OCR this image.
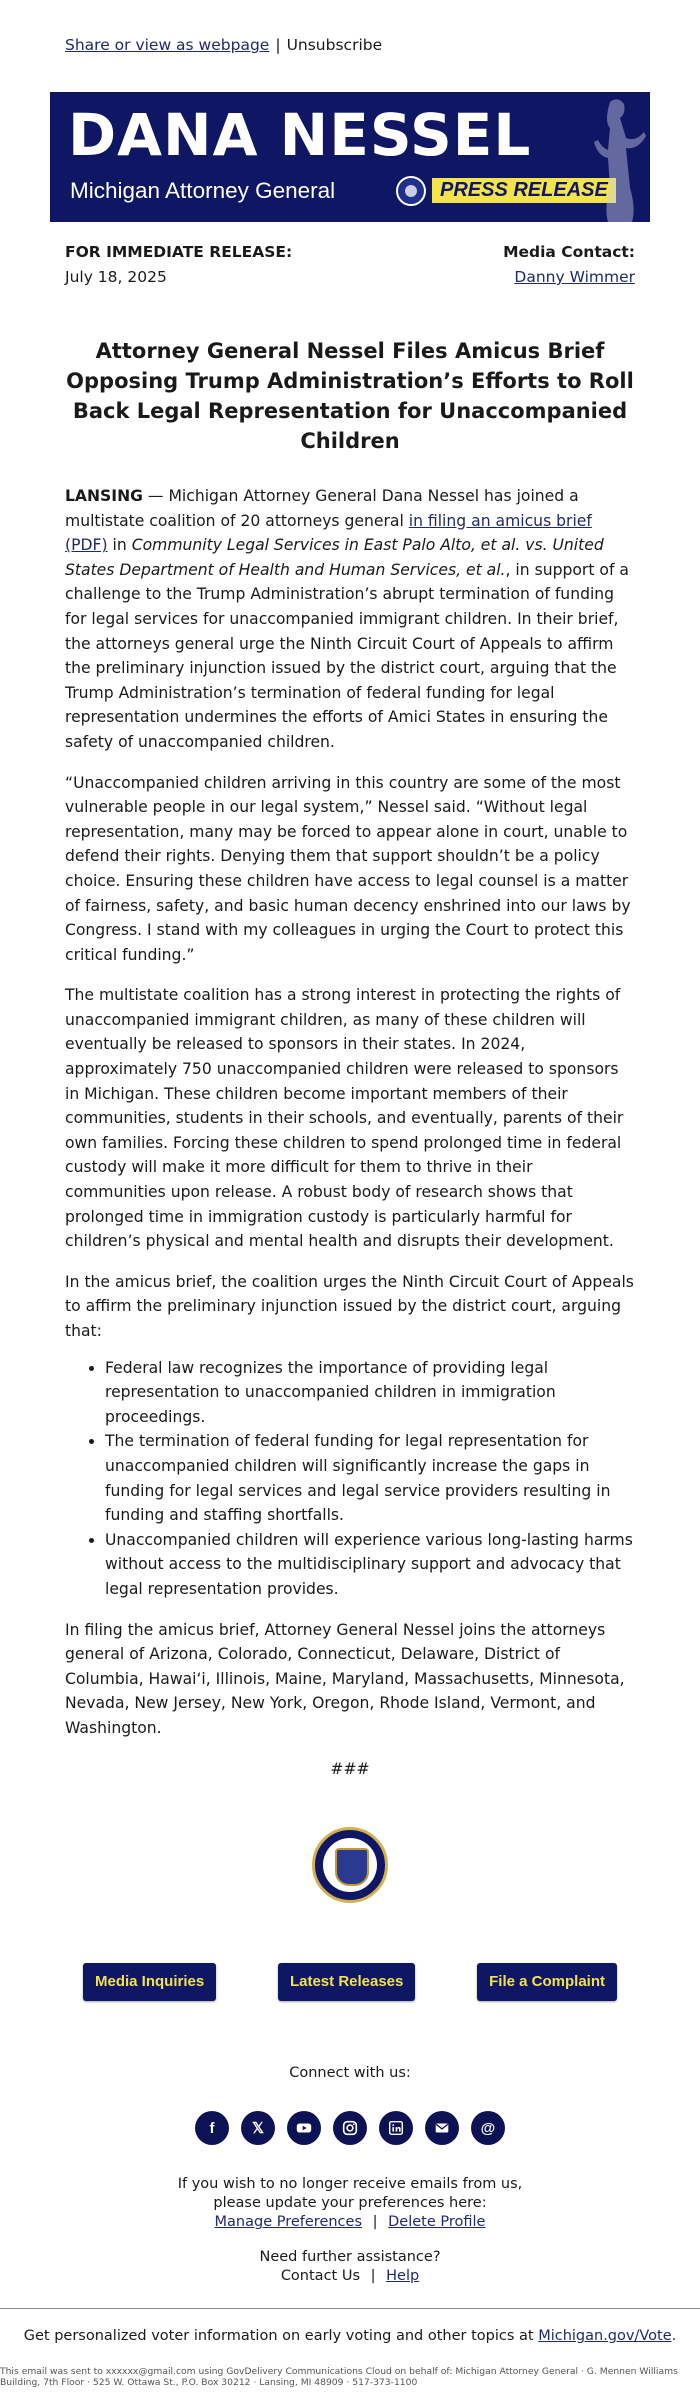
Share or view as webpage | Unsubscribe
DANA NESSEL
Michigan Attorney General	PRESS RELEASE
FOR IMMEDIATE RELEASE:
July 18, 2025
Media Contact:
Danny Wimmer
Attorney General Nessel Files Amicus Brief Opposing Trump Administration’s Efforts to Roll Back Legal Representation for Unaccompanied Children

LANSING — Michigan Attorney General Dana Nessel has joined a multistate coalition of 20 attorneys general in filing an amicus brief (PDF) in Community Legal Services in East Palo Alto, et al. vs. United States Department of Health and Human Services, et al., in support of a challenge to the Trump Administration’s abrupt termination of funding for legal services for unaccompanied immigrant children. In their brief, the attorneys general urge the Ninth Circuit Court of Appeals to affirm the preliminary injunction issued by the district court, arguing that the Trump Administration’s termination of federal funding for legal representation undermines the efforts of Amici States in ensuring the safety of unaccompanied children.

“Unaccompanied children arriving in this country are some of the most vulnerable people in our legal system,” Nessel said. “Without legal representation, many may be forced to appear alone in court, unable to defend their rights. Denying them that support shouldn’t be a policy choice. Ensuring these children have access to legal counsel is a matter of fairness, safety, and basic human decency enshrined into our laws by Congress. I stand with my colleagues in urging the Court to protect this critical funding.”

The multistate coalition has a strong interest in protecting the rights of unaccompanied immigrant children, as many of these children will eventually be released to sponsors in their states. In 2024, approximately 750 unaccompanied children were released to sponsors in Michigan. These children become important members of their communities, students in their schools, and eventually, parents of their own families. Forcing these children to spend prolonged time in federal custody will make it more difficult for them to thrive in their communities upon release. A robust body of research shows that prolonged time in immigration custody is particularly harmful for children’s physical and mental health and disrupts their development.

In the amicus brief, the coalition urges the Ninth Circuit Court of Appeals to affirm the preliminary injunction issued by the district court, arguing that:

• Federal law recognizes the importance of providing legal representation to unaccompanied children in immigration proceedings.
• The termination of federal funding for legal representation for unaccompanied children will significantly increase the gaps in funding for legal services and legal service providers resulting in funding and staffing shortfalls.
• Unaccompanied children will experience various long-lasting harms without access to the multidisciplinary support and advocacy that legal representation provides.

In filing the amicus brief, Attorney General Nessel joins the attorneys general of Arizona, Colorado, Connecticut, Delaware, District of Columbia, Hawai‘i, Illinois, Maine, Maryland, Massachusetts, Minnesota, Nevada, New Jersey, New York, Oregon, Rhode Island, Vermont, and Washington.

###

Media Inquiries	Latest Releases	File a Complaint
Connect with us:
f	𝕏	@
If you wish to no longer receive emails from us,
please update your preferences here:
Manage Preferences | Delete Profile
Need further assistance?
Contact Us | Help
Get personalized voter information on early voting and other topics at Michigan.gov/Vote.
This email was sent to xxxxxx@gmail.com using GovDelivery Communications Cloud on behalf of: Michigan Attorney General · G. Mennen Williams Building, 7th Floor · 525 W. Ottawa St., P.O. Box 30212 · Lansing, MI 48909 · 517-373-1100
